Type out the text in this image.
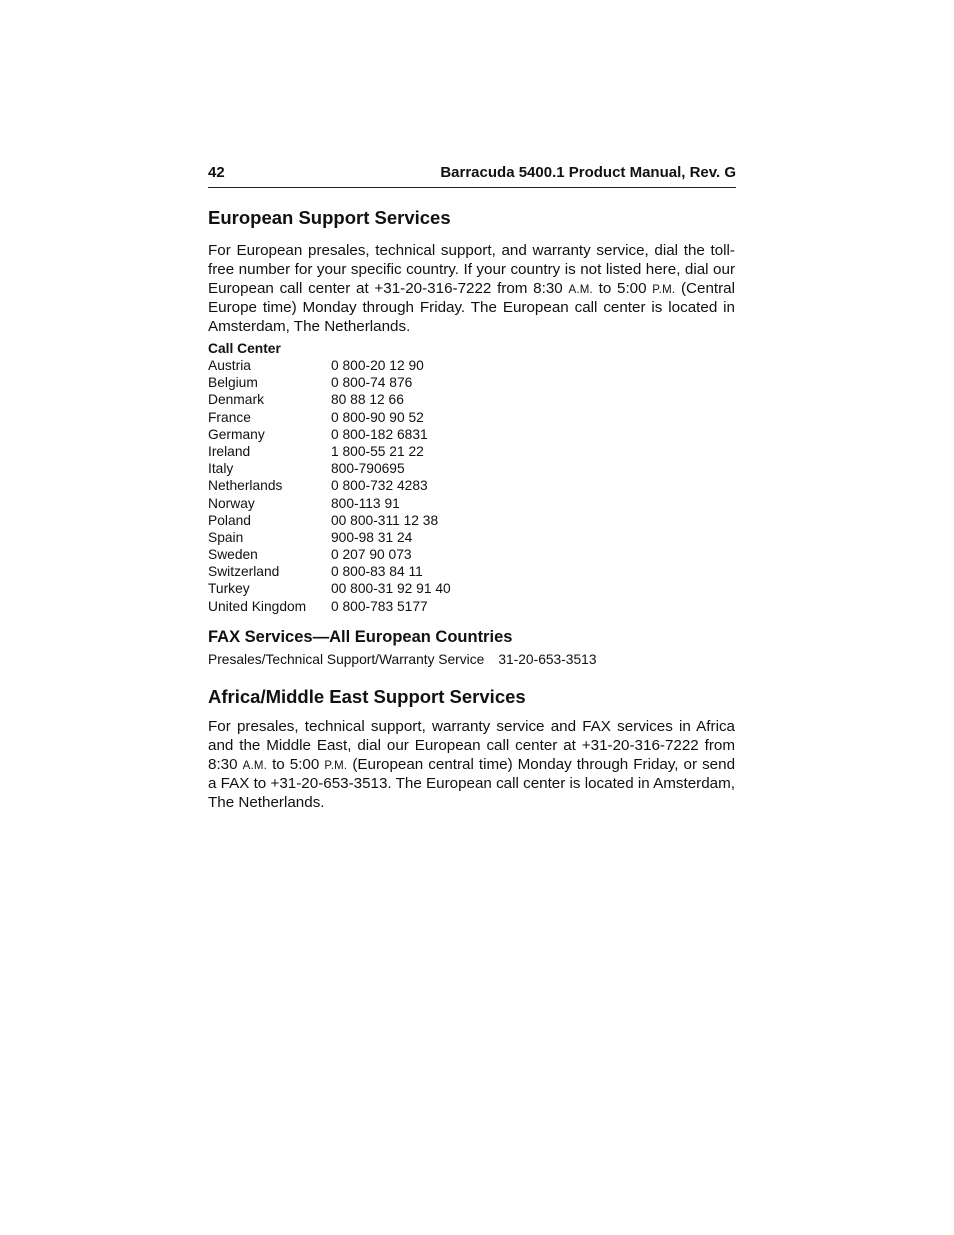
42	Barracuda 5400.1 Product Manual, Rev. G
European Support Services

For European presales, technical support, and warranty service, dial the toll-free number for your specific country. If your country is not listed here, dial our European call center at +31-20-316-7222 from 8:30 A.M. to 5:00 P.M. (Central Europe time) Monday through Friday. The European call center is located in Amsterdam, The Netherlands.

Call Center
Austria	0 800-20 12 90
Belgium	0 800-74 876
Denmark	80 88 12 66
France	0 800-90 90 52
Germany	0 800-182 6831
Ireland	1 800-55 21 22
Italy	800-790695
Netherlands	0 800-732 4283
Norway	800-113 91
Poland	00 800-311 12 38
Spain	900-98 31 24
Sweden	0 207 90 073
Switzerland	0 800-83 84 11
Turkey	00 800-31 92 91 40
United Kingdom 0 800-783 5177
FAX Services—All European Countries
Presales/Technical Support/Warranty Service 31-20-653-3513
Africa/Middle East Support Services

For presales, technical support, warranty service and FAX services in Africa and the Middle East, dial our European call center at +31-20-316-7222 from 8:30 A.M. to 5:00 P.M. (European central time) Monday through Friday, or send a FAX to +31-20-653-3513. The European call center is located in Amsterdam, The Netherlands.
